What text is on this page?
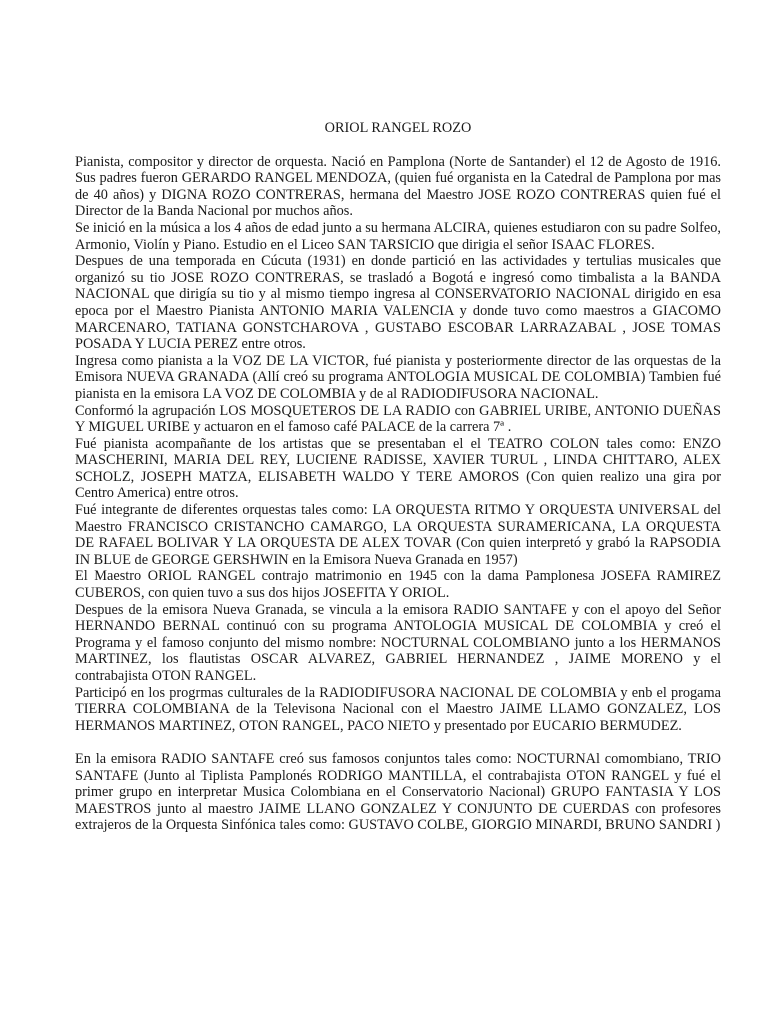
ORIOL RANGEL ROZO

Pianista, compositor y director de orquesta. Nació en Pamplona (Norte de Santander) el 12 de Agosto de 1916. Sus padres fueron GERARDO RANGEL MENDOZA, (quien fué organista en la Catedral de Pamplona por mas de 40 años) y DIGNA ROZO CONTRERAS, hermana del Maestro JOSE ROZO CONTRERAS quien fué el Director de la Banda Nacional por muchos años.

Se inició en la música a los 4 años de edad junto a su hermana ALCIRA, quienes estudiaron con su padre Solfeo, Armonio, Violín y Piano. Estudio en el Liceo SAN TARSICIO que dirigia el señor ISAAC FLORES.

Despues de una temporada en Cúcuta (1931) en donde partició en las actividades y tertulias musicales que organizó su tio JOSE ROZO CONTRERAS, se trasladó a Bogotá e ingresó como timbalista a la BANDA NACIONAL que dirigía su tio y al mismo tiempo ingresa al CONSERVATORIO NACIONAL dirigido en esa epoca por el Maestro Pianista ANTONIO MARIA VALENCIA y donde tuvo como maestros a GIACOMO MARCENARO, TATIANA GONSTCHAROVA , GUSTABO ESCOBAR LARRAZABAL , JOSE TOMAS POSADA Y LUCIA PEREZ entre otros.

Ingresa como pianista a la VOZ DE LA VICTOR, fué pianista y posteriormente director de las orquestas de la Emisora NUEVA GRANADA (Allí creó su programa ANTOLOGIA MUSICAL DE COLOMBIA) Tambien fué pianista en la emisora LA VOZ DE COLOMBIA y de al RADIODIFUSORA NACIONAL.

Conformó la agrupación LOS MOSQUETEROS DE LA RADIO con GABRIEL URIBE, ANTONIO DUEÑAS Y MIGUEL URIBE y actuaron en el famoso café PALACE de la carrera 7ª .

Fué pianista acompañante de los artistas que se presentaban el el TEATRO COLON tales como: ENZO MASCHERINI, MARIA DEL REY, LUCIENE RADISSE, XAVIER TURUL , LINDA CHITTARO, ALEX SCHOLZ, JOSEPH MATZA, ELISABETH WALDO Y TERE AMOROS (Con quien realizo una gira por Centro America) entre otros.

Fué integrante de diferentes orquestas tales como: LA ORQUESTA RITMO Y ORQUESTA UNIVERSAL del Maestro FRANCISCO CRISTANCHO CAMARGO, LA ORQUESTA SURAMERICANA, LA ORQUESTA DE RAFAEL BOLIVAR Y LA ORQUESTA DE ALEX TOVAR (Con quien interpretó y grabó la RAPSODIA IN BLUE de GEORGE GERSHWIN en la Emisora Nueva Granada en 1957)

El Maestro ORIOL RANGEL contrajo matrimonio en 1945 con la dama Pamplonesa JOSEFA RAMIREZ CUBEROS, con quien tuvo a sus dos hijos JOSEFITA Y ORIOL.

Despues de la emisora Nueva Granada, se vincula a la emisora RADIO SANTAFE y con el apoyo del Señor HERNANDO BERNAL continuó con su programa ANTOLOGIA MUSICAL DE COLOMBIA y creó el Programa y el famoso conjunto del mismo nombre: NOCTURNAL COLOMBIANO junto a los HERMANOS MARTINEZ, los flautistas OSCAR ALVAREZ, GABRIEL HERNANDEZ , JAIME MORENO y el contrabajista OTON RANGEL.

Participó en los progrmas culturales de la RADIODIFUSORA NACIONAL DE COLOMBIA y enb el progama TIERRA COLOMBIANA de la Televisona Nacional con el Maestro JAIME LLAMO GONZALEZ, LOS HERMANOS MARTINEZ, OTON RANGEL, PACO NIETO y presentado por EUCARIO BERMUDEZ.

En la emisora RADIO SANTAFE creó sus famosos conjuntos tales como: NOCTURNAl comombiano, TRIO SANTAFE (Junto al Tiplista Pamplonés RODRIGO MANTILLA, el contrabajista OTON RANGEL y fué el primer grupo en interpretar Musica Colombiana en el Conservatorio Nacional) GRUPO FANTASIA Y LOS MAESTROS junto al maestro JAIME LLANO GONZALEZ Y CONJUNTO DE CUERDAS con profesores extrajeros de la Orquesta Sinfónica tales como: GUSTAVO COLBE, GIORGIO MINARDI, BRUNO SANDRI )
